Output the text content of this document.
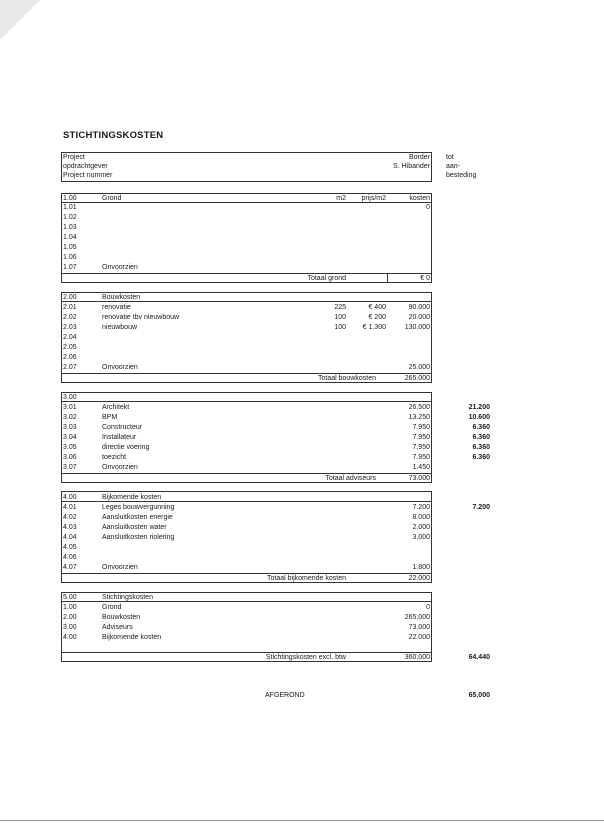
STICHTINGSKOSTEN
Project	Border
opdrachtgever	S. Hibander
Project nummer
tot
aan-
besteding
1.00	Grond	m2	prijs/m2	kosten
1.01	0
1.02
1.03
1.04
1.05
1.06
1.07	Onvoorzien
Totaal grond	€ 0
2.00	Bouwkosten
2.01	renovatie	225	€ 400	90.000
2.02	renovatie tbv nieuwbouw	100	€ 200	20.000
2.03	nieuwbouw	100	€ 1.300	130.000
2.04
2.05
2.06
2.07	Onvoorzien	25.000
Totaal bouwkosten	265.000
3.00
3.01	Architekt	26.500	21.200
3.02	BPM	13.250	10.600
3.03	Constructeur	7.950	6.360
3.04	Installateur	7.950	6.360
3.05	directie voering	7.950	6.360
3.06	toezicht	7.950	6.360
3.07	Onvoorzien	1.450
Totaal adviseurs	73.000
4.00	Bijkomende kosten
4.01	Leges bouwvergunning	7.200	7.200
4.02	Aansluitkosten energie	8.000
4.03	Aansluitkosten water	2.000
4.04	Aansluitkosten riolering	3.000
4.05
4.06
4.07	Onvoorzien	1.800
Totaal bijkomende kosten	22.000
5.00	Stichtingskosten
1.00	Grond	0
2.00	Bouwkosten	265.000
3.00	Adviseurs	73.000
4.00	Bijkomende kosten	22.000
Stichtingskosten excl. btw	360.000	64.440
AFGEROND	65.000
